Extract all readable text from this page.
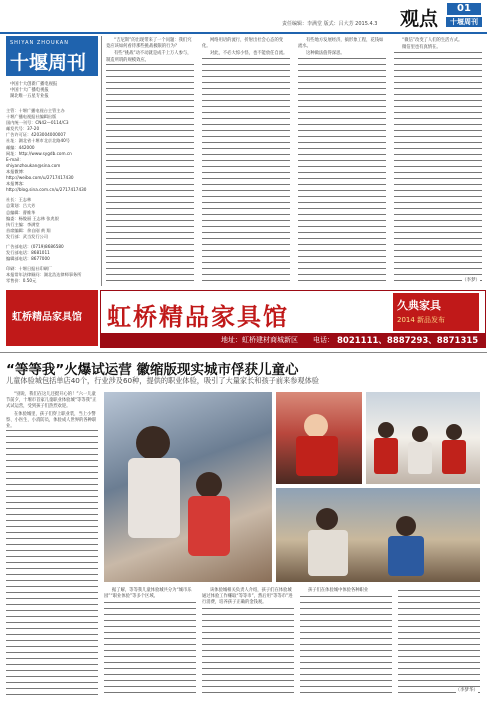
责任编辑：李满堂 版式：吕大芳 2015.4.3 观点	01
十堰周刊
SHIYAN ZHOUKAN
十堰周刊
中国十大创新广播电视报
中国十大广播电视报
湖北唯一五星专业报
主管：十堰广播电视台主管主办
十堰广播电视报社编辑出版
国内统一刊号：CN42—0114/C3
邮发代号：37-20
广告许可证：4203004000007
社址：湖北省十堰市北京北路40号
邮编：442000
网址：http://www.sygdb.com.cn
E-mail：
shiyanzhoukan@sina.com
本报微博：
http://weibo.com/u/2717417430
本报博客：
http://blog.sina.com.cn/u/2717417430
社长：王志林
总策划：吕大芳
总编辑：曹维华
编委：杨俊丽 王志林 张兆银
执行主编：李满堂
首席编辑：余自刚 黄 翔
发行部：武当发行公司
广告部电话：(0719)8686580
发行部电话：8681011
编辑部电话：8677000
印刷：十堰日报社印刷厂
本报常年法律顾问：湖北浩达律师事务所
零售价：0.50元

“吉尼斯”的出现带来了一个问题：我们究竟应该如何看待那些挑战极限的行为？

有些“挑战”动不动就是成千上万人参与，制造所谓的规模效应。

网络用语的流行，折射出社会心态的变化。

对此，不必大惊小怪，也不能放任自流。

有些地方发展经济，搞形象工程，花钱如流水。

这种做法值得深思。

“微信”改变了人们的生活方式。

微信里也有真情在。

（李梦）
虹桥精品家具馆	久典家具
2014 新品发布
地址：虹桥建材商城新区 电话： 8021111、8887293、8871315
虹桥精品家具馆
“等等我”火爆试运营 徽缩版现实城市俘获儿童心
儿童体验城包括单店40个，行业涉及60种，提供的职业体验，吸引了大量家长和孩子前来参观体验

“别说，我们在这儿还挺开心的！”六一儿童节前夕，十堰市首家儿童职业体验城“等等我”正式试运营，受到孩子们热烈欢迎。

在体验城里，孩子们穿上职业装，当上小警察、小医生、小消防员，体验成人世界的各种职业。

据了解，等等我儿童体验城共分为“城市乐园”“职业体验”等多个区域。

该体验城相关负责人介绍，孩子们在体验城通过体验工作赚取“等等币”，然后用“等等币”进行消费，培养孩子正确的金钱观。

孩子们在体验城中体验各种职业

（李梦华）
